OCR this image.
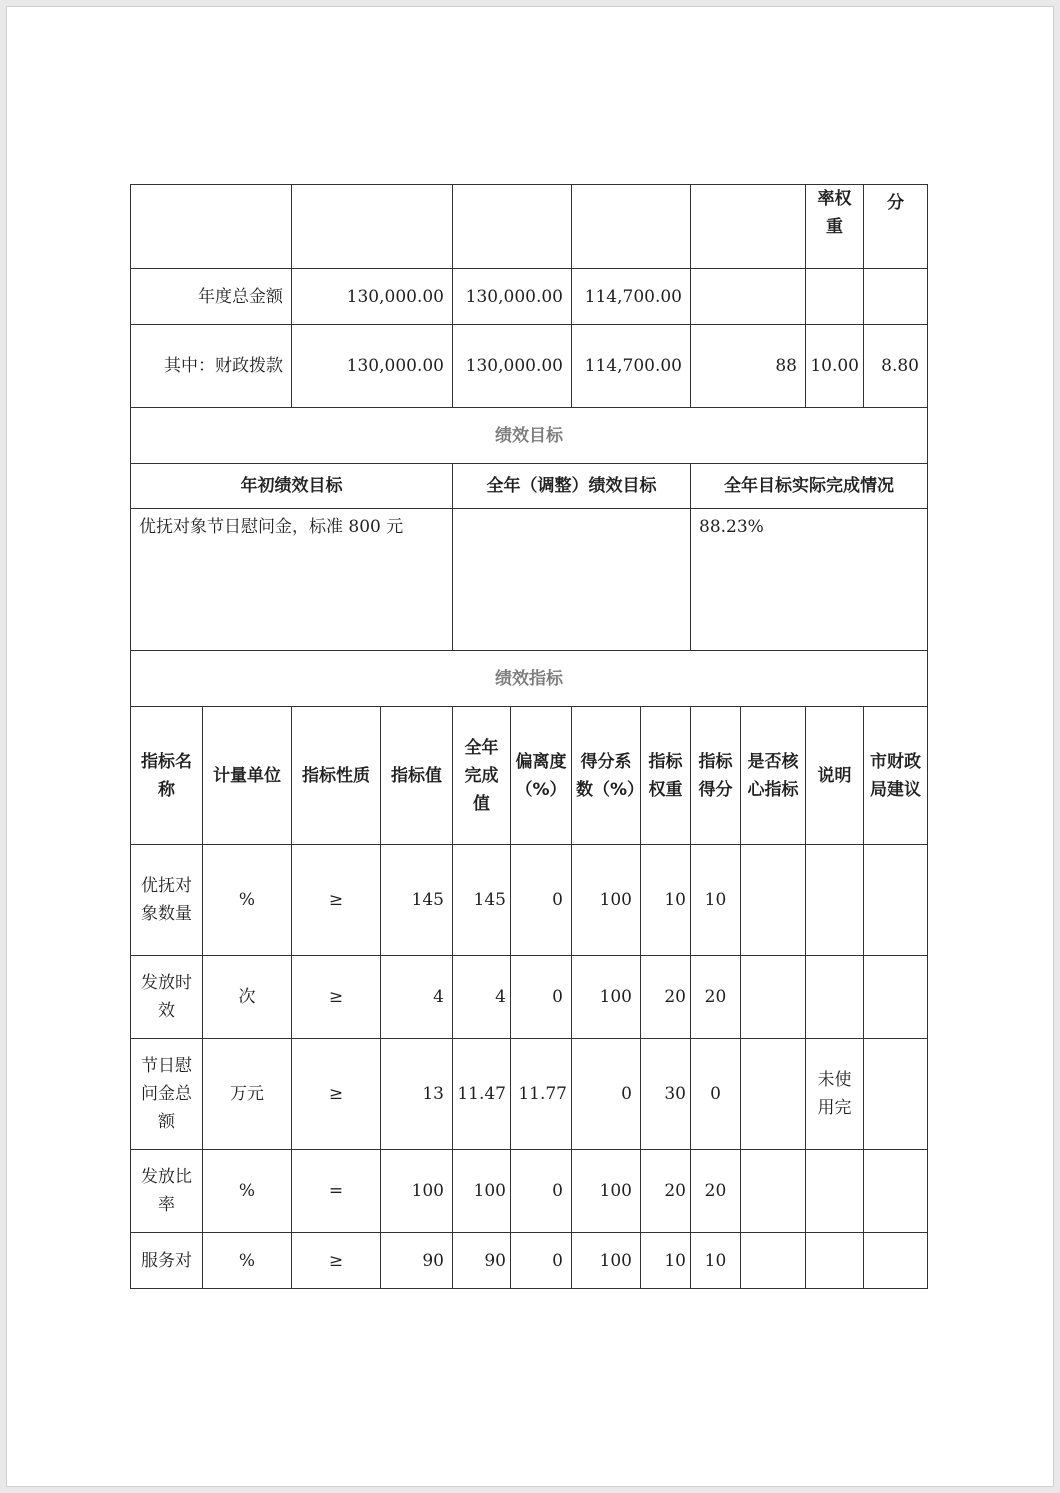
										率权重	分
年度总金额		130,000.00		130,000.00		114,700.00					
其中：财政拨款		130,000.00		130,000.00		114,700.00		88		10.00	8.80
绩效目标											
年初绩效目标				全年（调整）绩效目标				全年目标实际完成情况			
优抚对象节日慰问金，标准 800 元								88.23%			
绩效指标											
指标名称	计量单位	指标性质	指标值	全年完成值	偏离度（%）	得分系数（%）	指标权重	指标得分	是否核心指标	说明	市财政局建议
优抚对象数量	%	≥	145	145	0	100	10	10			
发放时效	次	≥	4	4	0	100	20	20			
节日慰问金总额	万元	≥	13	11.47	11.77	0	30	0		未使用完	
发放比率	%	=	100	100	0	100	20	20			
服务对	%	≥	90	90	0	100	10	10			
